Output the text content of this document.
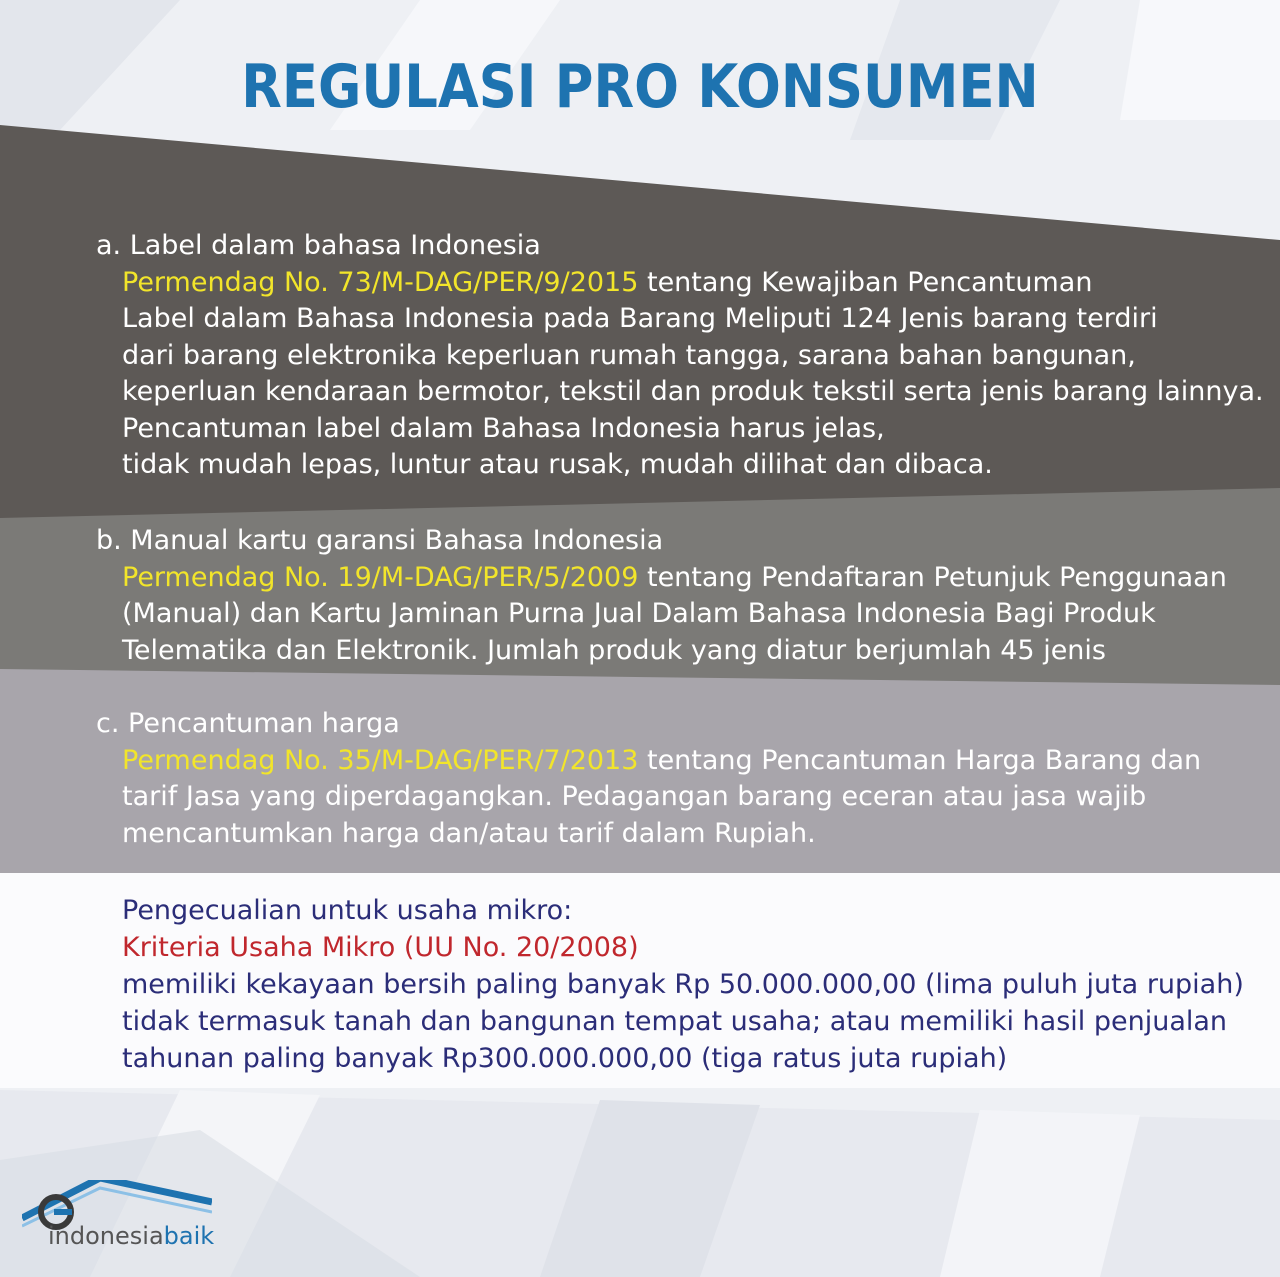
REGULASI PRO KONSUMEN
a. Label dalam bahasa Indonesia
Permendag No. 73/M-DAG/PER/9/2015 tentang Kewajiban Pencantuman
Label dalam Bahasa Indonesia pada Barang Meliputi 124 Jenis barang terdiri
dari barang elektronika keperluan rumah tangga, sarana bahan bangunan,
keperluan kendaraan bermotor, tekstil dan produk tekstil serta jenis barang lainnya.
Pencantuman label dalam Bahasa Indonesia harus jelas,
tidak mudah lepas, luntur atau rusak, mudah dilihat dan dibaca.
b. Manual kartu garansi Bahasa Indonesia
Permendag No. 19/M-DAG/PER/5/2009 tentang Pendaftaran Petunjuk Penggunaan
(Manual) dan Kartu Jaminan Purna Jual Dalam Bahasa Indonesia Bagi Produk
Telematika dan Elektronik. Jumlah produk yang diatur berjumlah 45 jenis
c. Pencantuman harga
Permendag No. 35/M-DAG/PER/7/2013 tentang Pencantuman Harga Barang dan
tarif Jasa yang diperdagangkan. Pedagangan barang eceran atau jasa wajib
mencantumkan harga dan/atau tarif dalam Rupiah.
Pengecualian untuk usaha mikro:
Kriteria Usaha Mikro (UU No. 20/2008)
memiliki kekayaan bersih paling banyak Rp 50.000.000,00 (lima puluh juta rupiah)
tidak termasuk tanah dan bangunan tempat usaha; atau memiliki hasil penjualan
tahunan paling banyak Rp300.000.000,00 (tiga ratus juta rupiah)
indonesiabaik
